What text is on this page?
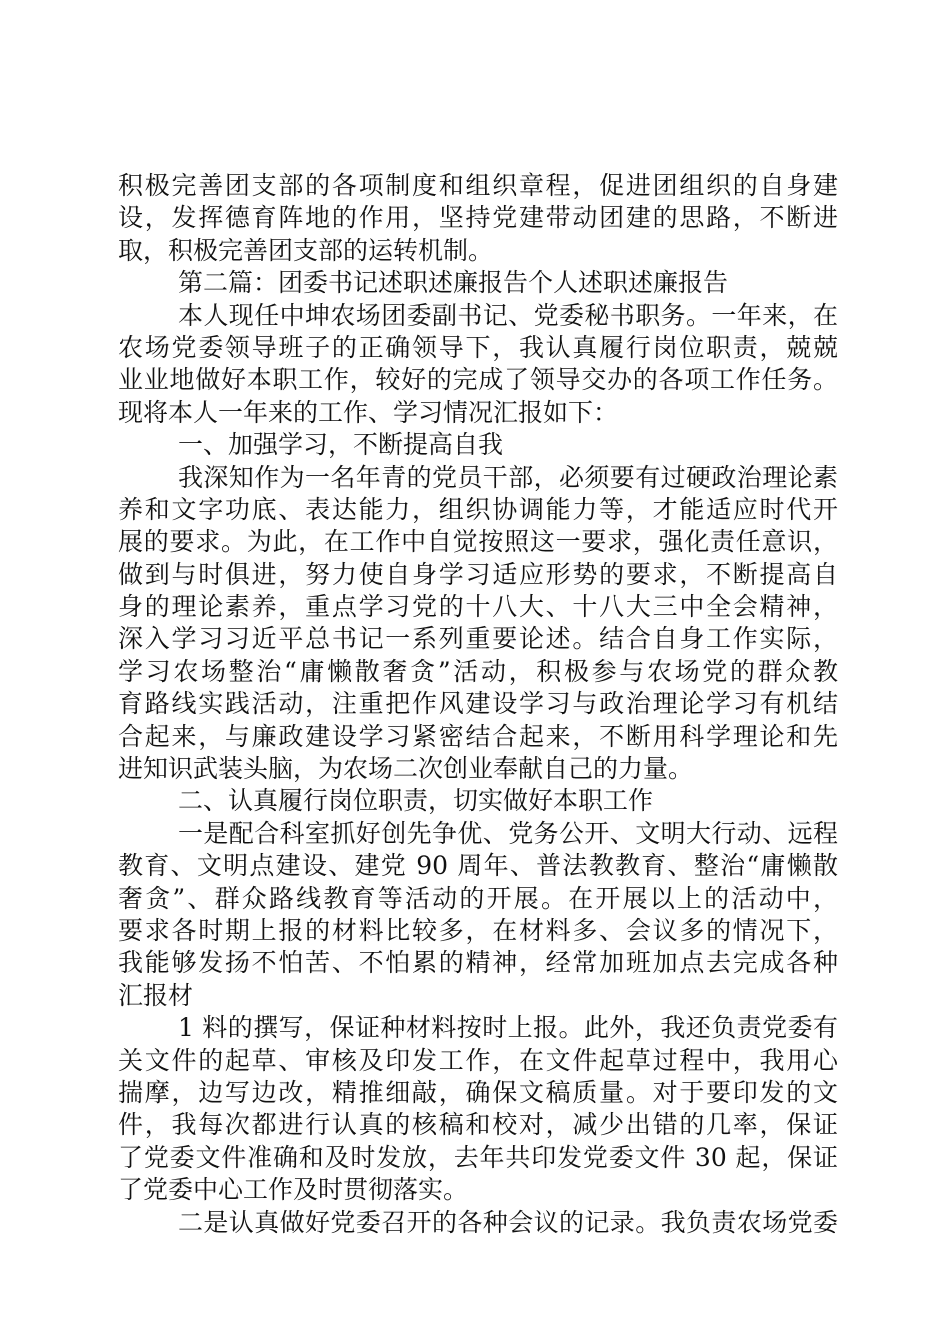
积极完善团支部的各项制度和组织章程，促进团组织的自身建
设，发挥德育阵地的作用，坚持党建带动团建的思路，不断进
取，积极完善团支部的运转机制。
第二篇：团委书记述职述廉报告个人述职述廉报告
本人现任中坤农场团委副书记、党委秘书职务。一年来，在
农场党委领导班子的正确领导下，我认真履行岗位职责，兢兢
业业地做好本职工作，较好的完成了领导交办的各项工作任务。
现将本人一年来的工作、学习情况汇报如下：
一、加强学习，不断提高自我
我深知作为一名年青的党员干部，必须要有过硬政治理论素
养和文字功底、表达能力，组织协调能力等，才能适应时代开
展的要求。为此，在工作中自觉按照这一要求，强化责任意识，
做到与时俱进，努力使自身学习适应形势的要求，不断提高自
身的理论素养，重点学习党的十八大、十八大三中全会精神，
深入学习习近平总书记一系列重要论述。结合自身工作实际，
学习农场整治“庸懒散奢贪”活动，积极参与农场党的群众教
育路线实践活动，注重把作风建设学习与政治理论学习有机结
合起来，与廉政建设学习紧密结合起来，不断用科学理论和先
进知识武装头脑，为农场二次创业奉献自己的力量。
二、认真履行岗位职责，切实做好本职工作
一是配合科室抓好创先争优、党务公开、文明大行动、远程
教育、文明点建设、建党 90 周年、普法教教育、整治“庸懒散
奢贪”、群众路线教育等活动的开展。在开展以上的活动中，
要求各时期上报的材料比较多，在材料多、会议多的情况下，
我能够发扬不怕苦、不怕累的精神，经常加班加点去完成各种
汇报材
1 料的撰写，保证种材料按时上报。此外，我还负责党委有
关文件的起草、审核及印发工作，在文件起草过程中，我用心
揣摩，边写边改，精推细敲，确保文稿质量。对于要印发的文
件，我每次都进行认真的核稿和校对，减少出错的几率，保证
了党委文件准确和及时发放，去年共印发党委文件 30 起，保证
了党委中心工作及时贯彻落实。
二是认真做好党委召开的各种会议的记录。我负责农场党委
